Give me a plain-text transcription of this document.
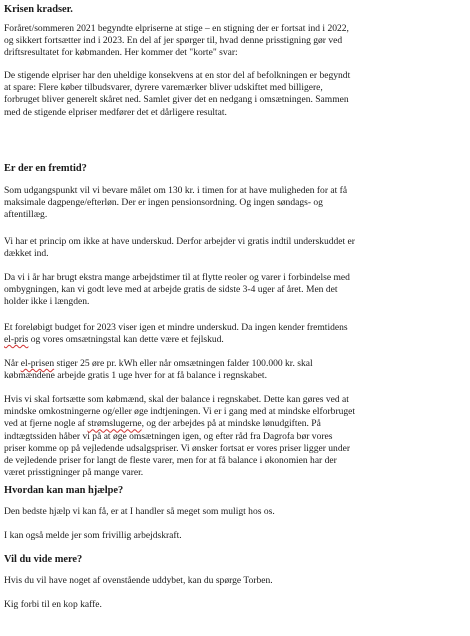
Krisen kradser.
Foråret/sommeren 2021 begyndte elpriserne at stige – en stigning der er fortsat ind i 2022,
og sikkert fortsætter ind i 2023. En del af jer spørger til, hvad denne prisstigning gør ved
driftsresultatet for købmanden. Her kommer det "korte" svar:
De stigende elpriser har den uheldige konsekvens at en stor del af befolkningen er begyndt
at spare: Flere køber tilbudsvarer, dyrere varemærker bliver udskiftet med billigere,
forbruget bliver generelt skåret ned. Samlet giver det en nedgang i omsætningen. Sammen
med de stigende elpriser medfører det et dårligere resultat.
Er der en fremtid?
Som udgangspunkt vil vi bevare målet om 130 kr. i timen for at have muligheden for at få
maksimale dagpenge/efterløn. Der er ingen pensionsordning. Og ingen søndags- og
aftentillæg.
Vi har et princip om ikke at have underskud. Derfor arbejder vi gratis indtil underskuddet er
dækket ind.
Da vi i år har brugt ekstra mange arbejdstimer til at flytte reoler og varer i forbindelse med
ombygningen, kan vi godt leve med at arbejde gratis de sidste 3-4 uger af året. Men det
holder ikke i længden.
Et foreløbigt budget for 2023 viser igen et mindre underskud. Da ingen kender fremtidens
el-pris og vores omsætningstal kan dette være et fejlskud.
Når el-prisen stiger 25 øre pr. kWh eller når omsætningen falder 100.000 kr. skal
købmændene arbejde gratis 1 uge hver for at få balance i regnskabet.
Hvis vi skal fortsætte som købmænd, skal der balance i regnskabet. Dette kan gøres ved at
mindske omkostningerne og/eller øge indtjeningen. Vi er i gang med at mindske elforbruget
ved at fjerne nogle af strømslugerne, og der arbejdes på at mindske lønudgiften. På
indtægtssiden håber vi på at øge omsætningen igen, og efter råd fra Dagrofa bør vores
priser komme op på vejledende udsalgspriser. Vi ønsker fortsat er vores priser ligger under
de vejledende priser for langt de fleste varer, men for at få balance i økonomien har der
været prisstigninger på mange varer.
Hvordan kan man hjælpe?
Den bedste hjælp vi kan få, er at I handler så meget som muligt hos os.
I kan også melde jer som frivillig arbejdskraft.
Vil du vide mere?
Hvis du vil have noget af ovenstående uddybet, kan du spørge Torben.
Kig forbi til en kop kaffe.
